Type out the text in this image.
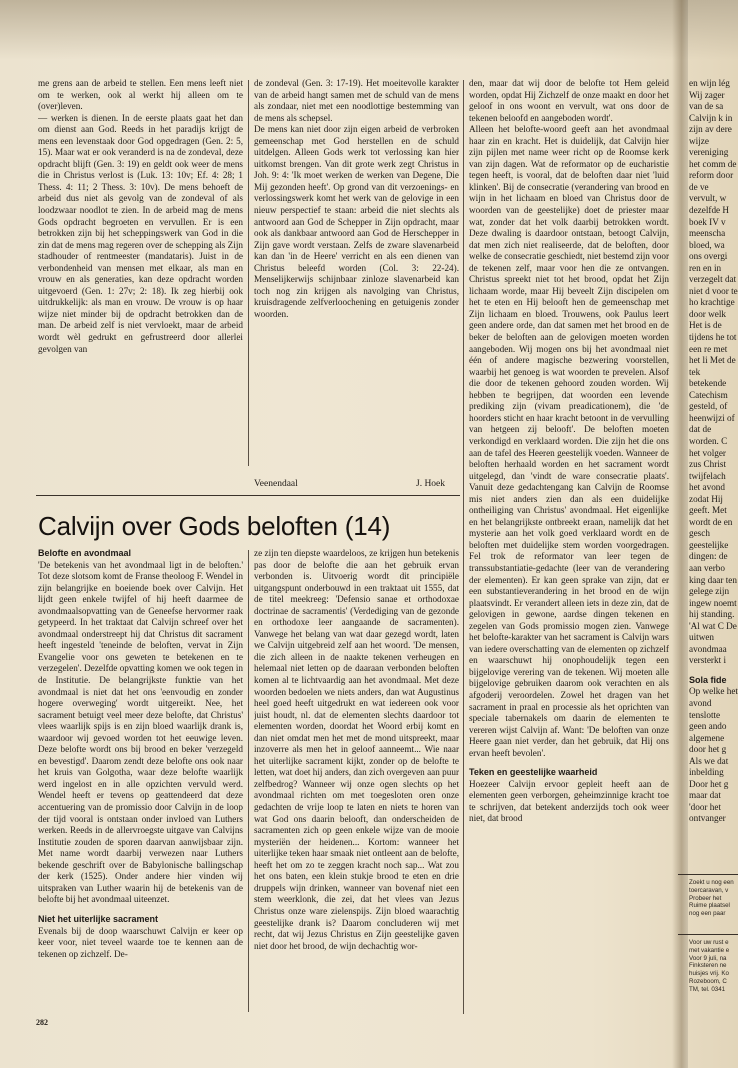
me grens aan de arbeid te stellen. Een mens leeft niet om te werken, ook al werkt hij alleen om te (over)leven.

— werken is dienen. In de eerste plaats gaat het dan om dienst aan God. Reeds in het paradijs krijgt de mens een levenstaak door God opgedragen (Gen. 2: 5, 15). Maar wat er ook veranderd is na de zondeval, deze opdracht blijft (Gen. 3: 19) en geldt ook weer de mens die in Christus verlost is (Luk. 13: 10v; Ef. 4: 28; 1 Thess. 4: 11; 2 Thess. 3: 10v). De mens behoeft de arbeid dus niet als gevolg van de zondeval of als loodzwaar noodlot te zien. In de arbeid mag de mens Gods opdracht begroeten en vervullen. Er is een betrokken zijn bij het scheppingswerk van God in die zin dat de mens mag regeren over de schepping als Zijn stadhouder of rentmeester (mandataris). Juist in de verbondenheid van mensen met elkaar, als man en vrouw en als generaties, kan deze opdracht worden uitgevoerd (Gen. 1: 27v; 2: 18). Ik zeg hierbij ook uitdrukkelijk: als man en vrouw. De vrouw is op haar wijze niet minder bij de opdracht betrokken dan de man. De arbeid zelf is niet vervloekt, maar de arbeid wordt wèl gedrukt en gefrustreerd door allerlei gevolgen van

de zondeval (Gen. 3: 17-19). Het moeitevolle karakter van de arbeid hangt samen met de schuld van de mens als zondaar, niet met een noodlottige bestemming van de mens als schepsel.

De mens kan niet door zijn eigen arbeid de verbroken gemeenschap met God herstellen en de schuld uitdelgen. Alleen Gods werk tot verlossing kan hier uitkomst brengen. Van dit grote werk zegt Christus in Joh. 9: 4: 'Ik moet werken de werken van Degene, Die Mij gezonden heeft'. Op grond van dit verzoenings- en verlossingswerk komt het werk van de gelovige in een nieuw perspectief te staan: arbeid die niet slechts als antwoord aan God de Schepper in Zijn opdracht, maar ook als dankbaar antwoord aan God de Herschepper in Zijn gave wordt verstaan. Zelfs de zware slavenarbeid kan dan 'in de Heere' verricht en als een dienen van Christus beleefd worden (Col. 3: 22-24). Menselijkerwijs schijnbaar zinloze slavenarbeid kan toch nog zin krijgen als navolging van Christus, kruisdragende zelfverloochening en getuigenis zonder woorden.

Veenendaal	J. Hoek
Calvijn over Gods beloften (14)

Belofte en avondmaal

'De betekenis van het avondmaal ligt in de beloften.' Tot deze slotsom komt de Franse theoloog F. Wendel in zijn belangrijke en boeiende boek over Calvijn. Het lijdt geen enkele twijfel of hij heeft daarmee de avondmaalsopvatting van de Geneefse hervormer raak getypeerd. In het traktaat dat Calvijn schreef over het avondmaal onderstreept hij dat Christus dit sacrament heeft ingesteld 'teneinde de beloften, vervat in Zijn Evangelie voor ons geweten te betekenen en te verzegelen'. Dezelfde opvatting komen we ook tegen in de Institutie. De belangrijkste funktie van het avondmaal is niet dat het ons 'eenvoudig en zonder hogere overweging' wordt uitgereikt. Nee, het sacrament betuigt veel meer deze belofte, dat Christus' vlees waarlijk spijs is en zijn bloed waarlijk drank is, waardoor wij gevoed worden tot het eeuwige leven. Deze belofte wordt ons bij brood en beker 'verzegeld en bevestigd'. Daarom zendt deze belofte ons ook naar het kruis van Golgotha, waar deze belofte waarlijk werd ingelost en in alle opzichten vervuld werd. Wendel heeft er tevens op geattendeerd dat deze accentuering van de promissio door Calvijn in de loop der tijd vooral is ontstaan onder invloed van Luthers werken. Reeds in de allervroegste uitgave van Calvijns Institutie zouden de sporen daarvan aanwijsbaar zijn. Met name wordt daarbij verwezen naar Luthers bekende geschrift over de Babylonische ballingschap der kerk (1525). Onder andere hier vinden wij uitspraken van Luther waarin hij de betekenis van de belofte bij het avondmaal uiteenzet.

Niet het uiterlijke sacrament

Evenals bij de doop waarschuwt Calvijn er keer op keer voor, niet teveel waarde toe te kennen aan de tekenen op zichzelf. De-

ze zijn ten diepste waardeloos, ze krijgen hun betekenis pas door de belofte die aan het gebruik ervan verbonden is. Uitvoerig wordt dit principiële uitgangspunt onderbouwd in een traktaat uit 1555, dat de titel meekreeg: 'Defensio sanae et orthodoxae doctrinae de sacramentis' (Verdediging van de gezonde en orthodoxe leer aangaande de sacramenten). Vanwege het belang van wat daar gezegd wordt, laten we Calvijn uitgebreid zelf aan het woord. 'De mensen, die zich alleen in de naakte tekenen verheugen en helemaal niet letten op de daaraan verbonden beloften komen al te lichtvaardig aan het avondmaal. Met deze woorden bedoelen we niets anders, dan wat Augustinus heel goed heeft uitgedrukt en wat iedereen ook voor juist houdt, nl. dat de elementen slechts daardoor tot elementen worden, doordat het Woord erbij komt en dan niet omdat men het met de mond uitspreekt, maar inzoverre als men het in geloof aanneemt... Wie naar het uiterlijke sacrament kijkt, zonder op de belofte te letten, wat doet hij anders, dan zich overgeven aan puur zelfbedrog? Wanneer wij onze ogen slechts op het avondmaal richten om met toegesloten oren onze gedachten de vrije loop te laten en niets te horen van wat God ons daarin belooft, dan onderscheiden de sacramenten zich op geen enkele wijze van de mooie mysteriën der heidenen... Kortom: wanneer het uiterlijke teken haar smaak niet ontleent aan de belofte, heeft het om zo te zeggen kracht noch sap... Wat zou het ons baten, een klein stukje brood te eten en drie druppels wijn drinken, wanneer van bovenaf niet een stem weerklonk, die zei, dat het vlees van Jezus Christus onze ware zielenspijs. Zijn bloed waarachtig geestelijke drank is? Daarom concluderen wij met recht, dat wij Jezus Christus en Zijn geestelijke gaven niet door het brood, de wijn dechachtig wor-

den, maar dat wij door de belofte tot Hem geleid worden, opdat Hij Zichzelf de onze maakt en door het geloof in ons woont en vervult, wat ons door de tekenen beloofd en aangeboden wordt'.

Alleen het belofte-woord geeft aan het avondmaal haar zin en kracht. Het is duidelijk, dat Calvijn hier zijn pijlen met name weer richt op de Roomse kerk van zijn dagen. Wat de reformator op de eucharistie tegen heeft, is vooral, dat de beloften daar niet 'luid klinken'. Bij de consecratie (verandering van brood en wijn in het lichaam en bloed van Christus door de woorden van de geestelijke) doet de priester maar wat, zonder dat het volk daarbij betrokken wordt. Deze dwaling is daardoor ontstaan, betoogt Calvijn, dat men zich niet realiseerde, dat de beloften, door welke de consecratie geschiedt, niet bestemd zijn voor de tekenen zelf, maar voor hen die ze ontvangen. Christus spreekt niet tot het brood, opdat het Zijn lichaam worde, maar Hij beveelt Zijn discipelen om het te eten en Hij belooft hen de gemeenschap met Zijn lichaam en bloed. Trouwens, ook Paulus leert geen andere orde, dan dat samen met het brood en de beker de beloften aan de gelovigen moeten worden aangeboden. Wij mogen ons bij het avondmaal niet één of andere magische bezwering voorstellen, waarbij het genoeg is wat woorden te prevelen. Alsof die door de tekenen gehoord zouden worden. Wij hebben te begrijpen, dat woorden een levende prediking zijn (vivam preadicationem), die 'de hoorders sticht en haar kracht betoont in de vervulling van hetgeen zij belooft'. De beloften moeten verkondigd en verklaard worden. Die zijn het die ons aan de tafel des Heeren geestelijk voeden. Wanneer de beloften herhaald worden en het sacrament wordt uitgelegd, dan 'vindt de ware consecratie plaats'. Vanuit deze gedachtengang kan Calvijn de Roomse mis niet anders zien dan als een duidelijke ontheiliging van Christus' avondmaal. Het eigenlijke en het belangrijkste ontbreekt eraan, namelijk dat het mysterie aan het volk goed verklaard wordt en de beloften met duidelijke stem worden voorgedragen. Fel trok de reformator van leer tegen de transsubstantiatie-gedachte (leer van de verandering der elementen). Er kan geen sprake van zijn, dat er een substantieverandering in het brood en de wijn plaatsvindt. Er verandert alleen iets in deze zin, dat de gelovigen in gewone, aardse dingen tekenen en zegelen van Gods promissio mogen zien. Vanwege het belofte-karakter van het sacrament is Calvijn wars van iedere overschatting van de elementen op zichzelf en waarschuwt hij onophoudelijk tegen een bijgelovige verering van de tekenen. Wij moeten alle bijgelovige gebruiken daarom ook verachten en als afgoderij veroordelen. Zowel het dragen van het sacrament in praal en processie als het oprichten van speciale tabernakels om daarin de elementen te vereren wijst Calvijn af. Want: 'De beloften van onze Heere gaan niet verder, dan het gebruik, dat Hij ons ervan heeft bevolen'.

Teken en geestelijke waarheid

Hoezeer Calvijn ervoor gepleit heeft aan de elementen geen verborgen, geheimzinnige kracht toe te schrijven, dat betekent anderzijds toch ook weer niet, dat brood

282

en wijn lég Wij zager van de sa Calvijn k in zijn av dere wijze vereniging het comm de reform door de ve vervult, w dezelfde H boek IV v meenscha bloed, wa ons overgi ren en in verzegelt dat niet d voor te ho krachtige door welk Het is de tijdens he tot een re met het li Met de tek betekende Catechism gesteld, of heenwijzi of dat de worden. C het volger zus Christ twijfelach het avond zodat Hij geeft. Met wordt de en gesch geestelijke dingen: de aan verbo king daar ten gelege zijn ingew noemt hij standing. 'Al wat C De uitwen avondmaa versterkt i

Sola fide

Op welke het avond tenslotte geen ando algemene door het g Als we dat inbelding Door het g maar dat 'door het ontvanger

Zoekt u nog een toercaravan, v Probeer het Ruime plaatsel nog een paar
Voor uw rust e met vakantie e Voor 9 juli, na Finksteren ne huisjes vrij. Ko Rozeboom, C TM, tel. 0341
